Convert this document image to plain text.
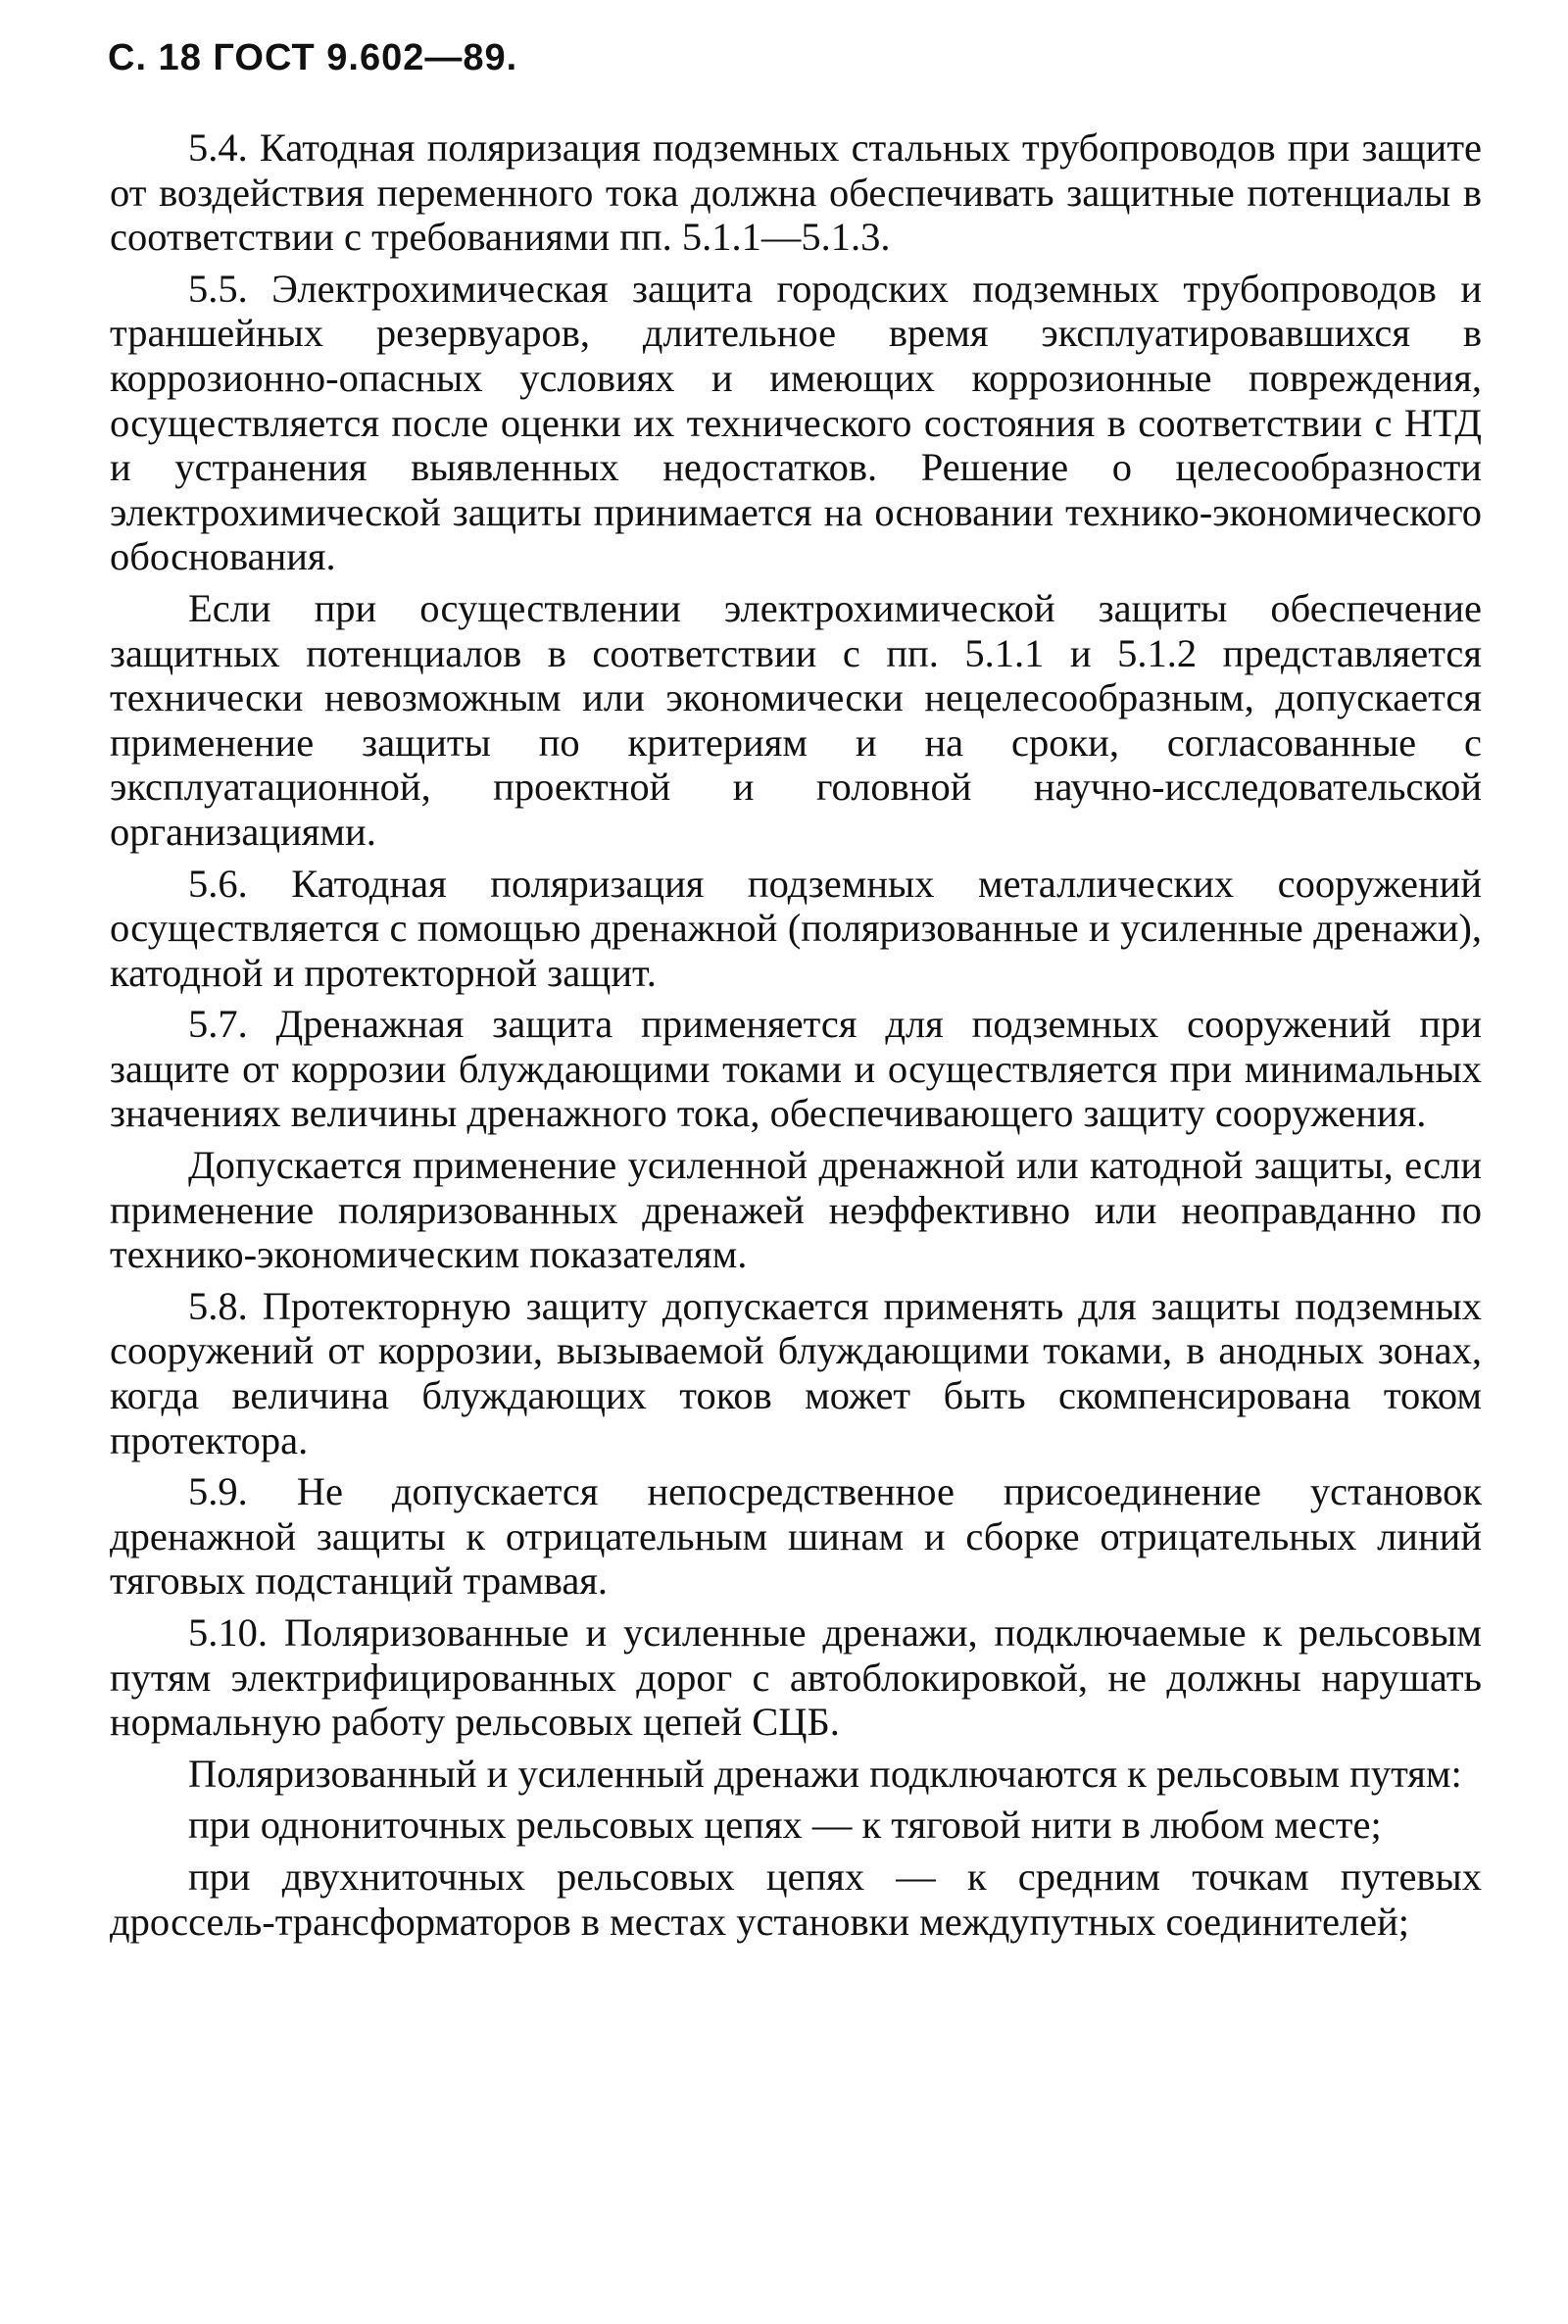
С. 18 ГОСТ 9.602—89.

5.4. Катодная поляризация подземных стальных трубопроводов при защите от воздействия переменного тока должна обеспечивать защитные потенциалы в соответствии с требованиями пп. 5.1.1—5.1.3.

5.5. Электрохимическая защита городских подземных трубопроводов и траншейных резервуаров, длительное время эксплуатировавшихся в коррозионно-опасных условиях и имеющих коррозионные повреждения, осуществляется после оценки их технического состояния в соответствии с НТД и устранения выявленных недостатков. Решение о целесообразности электрохимической защиты принимается на основании технико-экономического обоснования.

Если при осуществлении электрохимической защиты обеспечение защитных потенциалов в соответствии с пп. 5.1.1 и 5.1.2 представляется технически невозможным или экономически нецелесообразным, допускается применение защиты по критериям и на сроки, согласованные с эксплуатационной, проектной и головной научно-исследовательской организациями.

5.6. Катодная поляризация подземных металлических сооружений осуществляется с помощью дренажной (поляризованные и усиленные дренажи), катодной и протекторной защит.

5.7. Дренажная защита применяется для подземных сооружений при защите от коррозии блуждающими токами и осуществляется при минимальных значениях величины дренажного тока, обеспечивающего защиту сооружения.

Допускается применение усиленной дренажной или катодной защиты, если применение поляризованных дренажей неэффективно или неоправданно по технико-экономическим показателям.

5.8. Протекторную защиту допускается применять для защиты подземных сооружений от коррозии, вызываемой блуждающими токами, в анодных зонах, когда величина блуждающих токов может быть скомпенсирована током протектора.

5.9. Не допускается непосредственное присоединение установок дренажной защиты к отрицательным шинам и сборке отрицательных линий тяговых подстанций трамвая.

5.10. Поляризованные и усиленные дренажи, подключаемые к рельсовым путям электрифицированных дорог с автоблокировкой, не должны нарушать нормальную работу рельсовых цепей СЦБ.

Поляризованный и усиленный дренажи подключаются к рельсовым путям:

при однониточных рельсовых цепях — к тяговой нити в любом месте;

при двухниточных рельсовых цепях — к средним точкам путевых дроссель-трансформаторов в местах установки междупутных соединителей;
